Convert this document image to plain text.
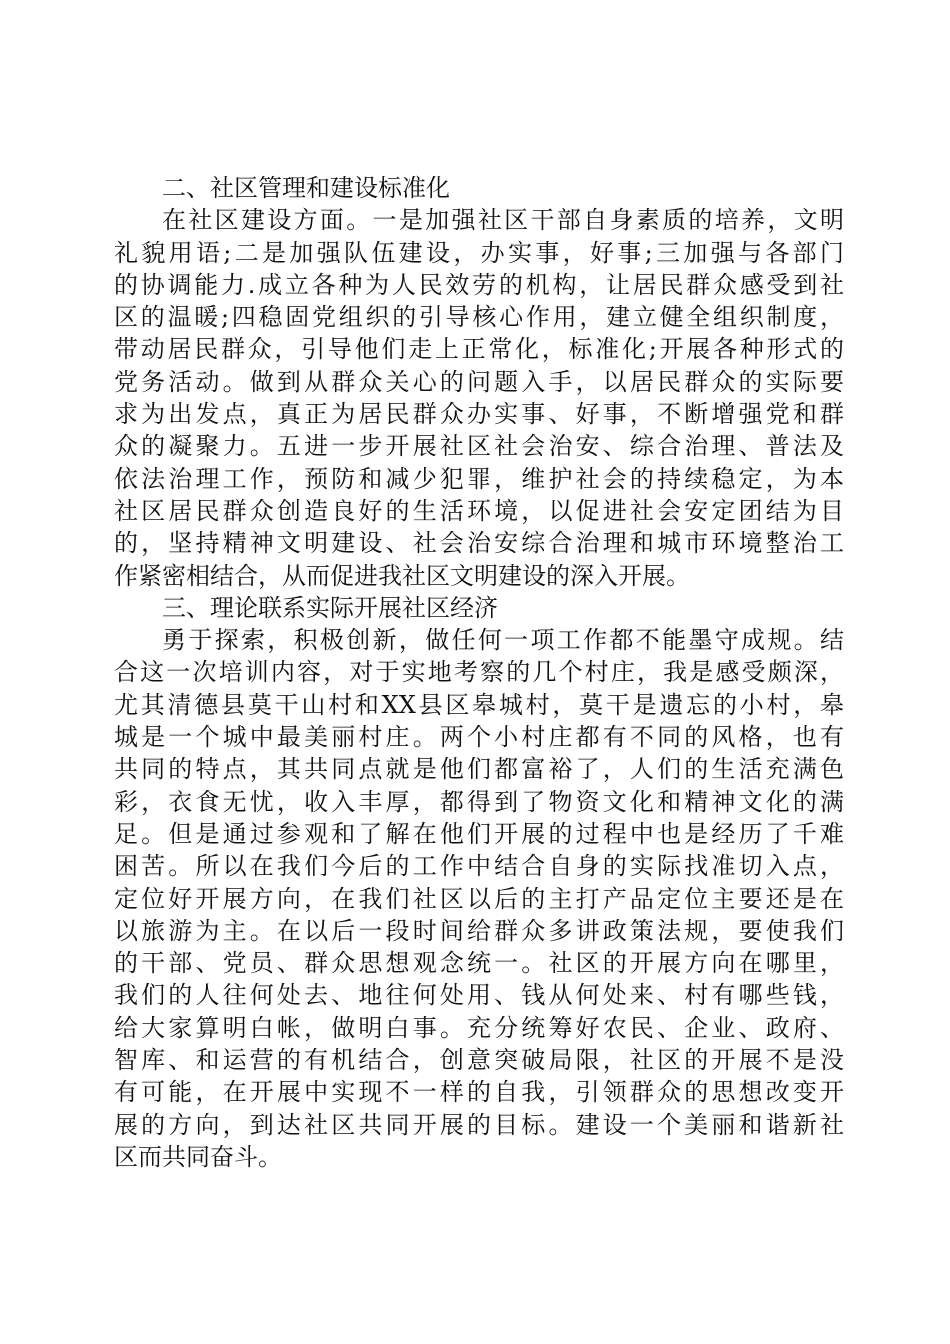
二、社区管理和建设标准化
在社区建设方面。一是加强社区干部自身素质的培养，文明
礼貌用语;二是加强队伍建设，办实事，好事;三加强与各部门
的协调能力.成立各种为人民效劳的机构，让居民群众感受到社
区的温暖;四稳固党组织的引导核心作用，建立健全组织制度，
带动居民群众，引导他们走上正常化，标准化;开展各种形式的
党务活动。做到从群众关心的问题入手，以居民群众的实际要
求为出发点，真正为居民群众办实事、好事，不断增强党和群
众的凝聚力。五进一步开展社区社会治安、综合治理、普法及
依法治理工作，预防和减少犯罪，维护社会的持续稳定，为本
社区居民群众创造良好的生活环境，以促进社会安定团结为目
的，坚持精神文明建设、社会治安综合治理和城市环境整治工
作紧密相结合，从而促进我社区文明建设的深入开展。
三、理论联系实际开展社区经济
勇于探索，积极创新，做任何一项工作都不能墨守成规。结
合这一次培训内容，对于实地考察的几个村庄，我是感受颇深，
尤其清德县莫干山村和XX县区皋城村，莫干是遗忘的小村，皋
城是一个城中最美丽村庄。两个小村庄都有不同的风格，也有
共同的特点，其共同点就是他们都富裕了，人们的生活充满色
彩，衣食无忧，收入丰厚，都得到了物资文化和精神文化的满
足。但是通过参观和了解在他们开展的过程中也是经历了千难
困苦。所以在我们今后的工作中结合自身的实际找准切入点，
定位好开展方向，在我们社区以后的主打产品定位主要还是在
以旅游为主。在以后一段时间给群众多讲政策法规，要使我们
的干部、党员、群众思想观念统一。社区的开展方向在哪里，
我们的人往何处去、地往何处用、钱从何处来、村有哪些钱，
给大家算明白帐，做明白事。充分统筹好农民、企业、政府、
智库、和运营的有机结合，创意突破局限，社区的开展不是没
有可能，在开展中实现不一样的自我，引领群众的思想改变开
展的方向，到达社区共同开展的目标。建设一个美丽和谐新社
区而共同奋斗。
